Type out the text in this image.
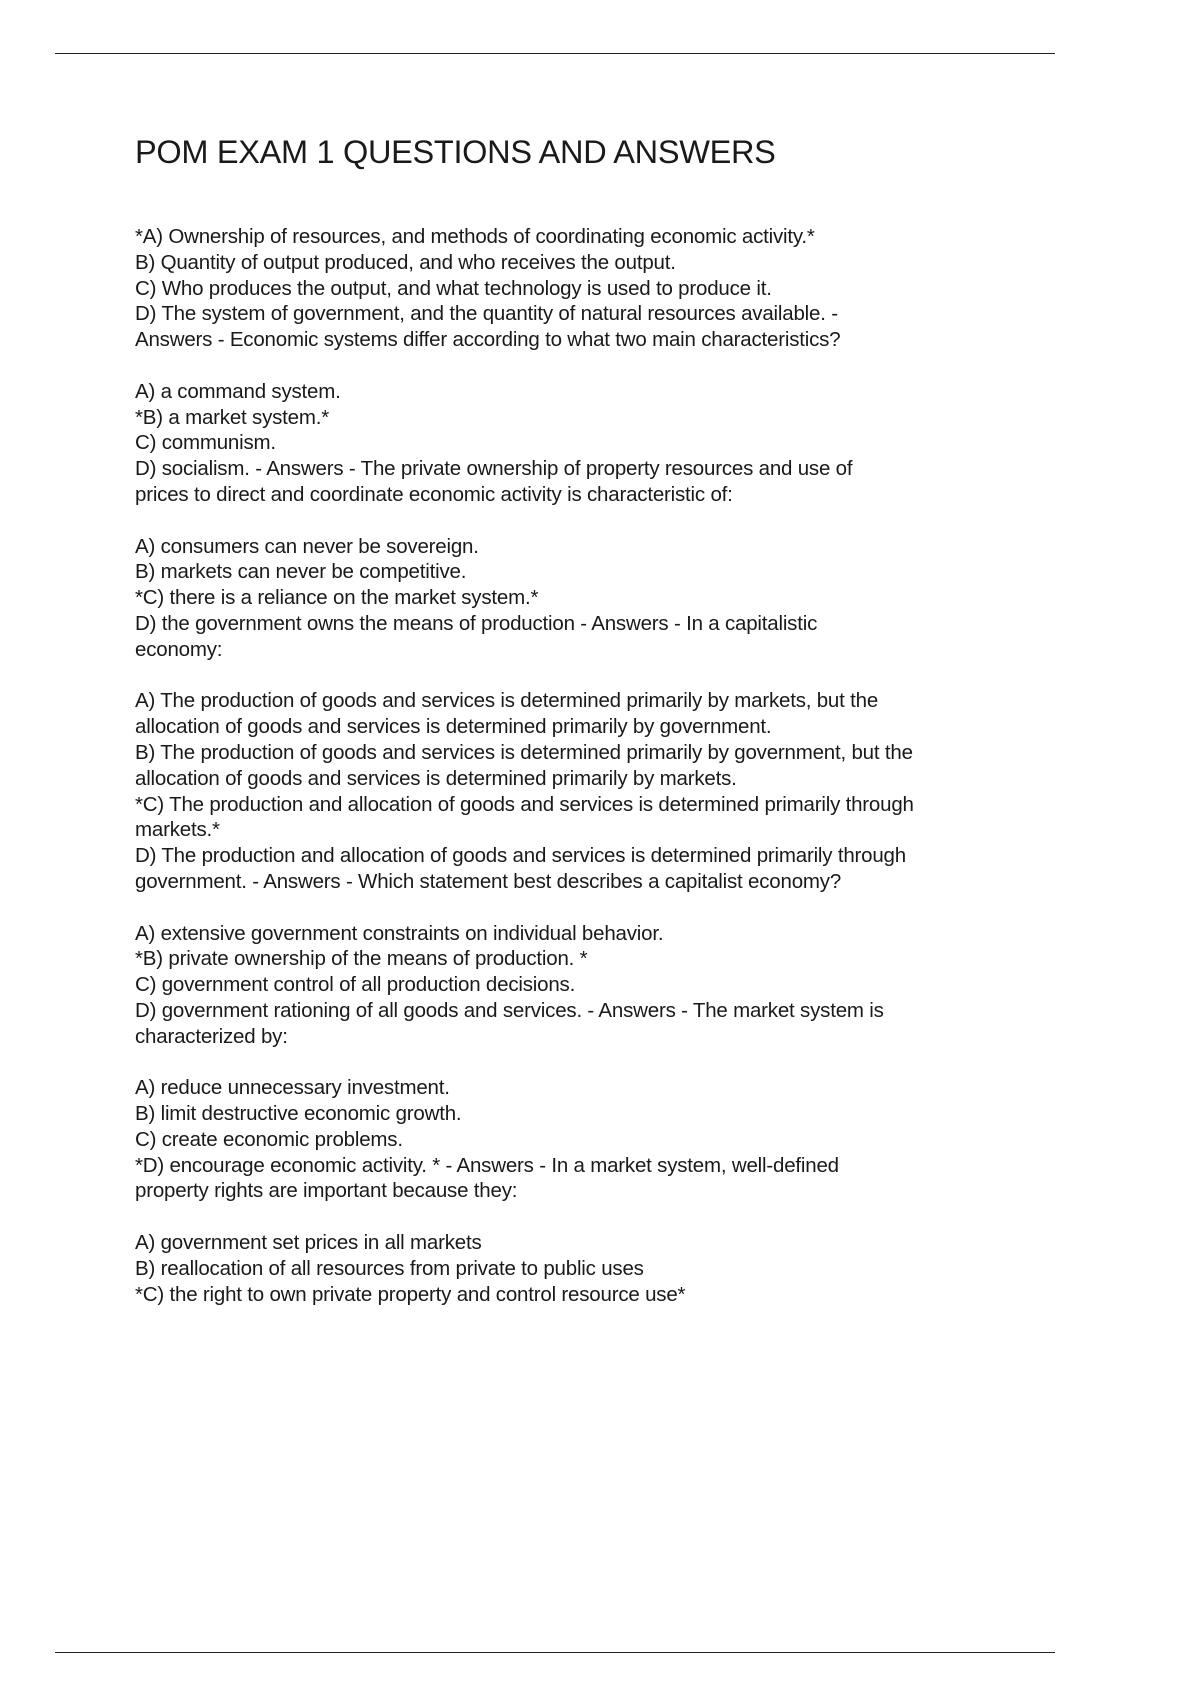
POM EXAM 1 QUESTIONS AND ANSWERS
*A) Ownership of resources, and methods of coordinating economic activity.*
B) Quantity of output produced, and who receives the output.
C) Who produces the output, and what technology is used to produce it.
D) The system of government, and the quantity of natural resources available. -
Answers - Economic systems differ according to what two main characteristics?
A) a command system.
*B) a market system.*
C) communism.
D) socialism. - Answers - The private ownership of property resources and use of
prices to direct and coordinate economic activity is characteristic of:
A) consumers can never be sovereign.
B) markets can never be competitive.
*C) there is a reliance on the market system.*
D) the government owns the means of production - Answers - In a capitalistic
economy:
A) The production of goods and services is determined primarily by markets, but the
allocation of goods and services is determined primarily by government.
B) The production of goods and services is determined primarily by government, but the
allocation of goods and services is determined primarily by markets.
*C) The production and allocation of goods and services is determined primarily through
markets.*
D) The production and allocation of goods and services is determined primarily through
government. - Answers - Which statement best describes a capitalist economy?
A) extensive government constraints on individual behavior.
*B) private ownership of the means of production. *
C) government control of all production decisions.
D) government rationing of all goods and services. - Answers - The market system is
characterized by:
A) reduce unnecessary investment.
B) limit destructive economic growth.
C) create economic problems.
*D) encourage economic activity. * - Answers - In a market system, well-defined
property rights are important because they:
A) government set prices in all markets
B) reallocation of all resources from private to public uses
*C) the right to own private property and control resource use*
